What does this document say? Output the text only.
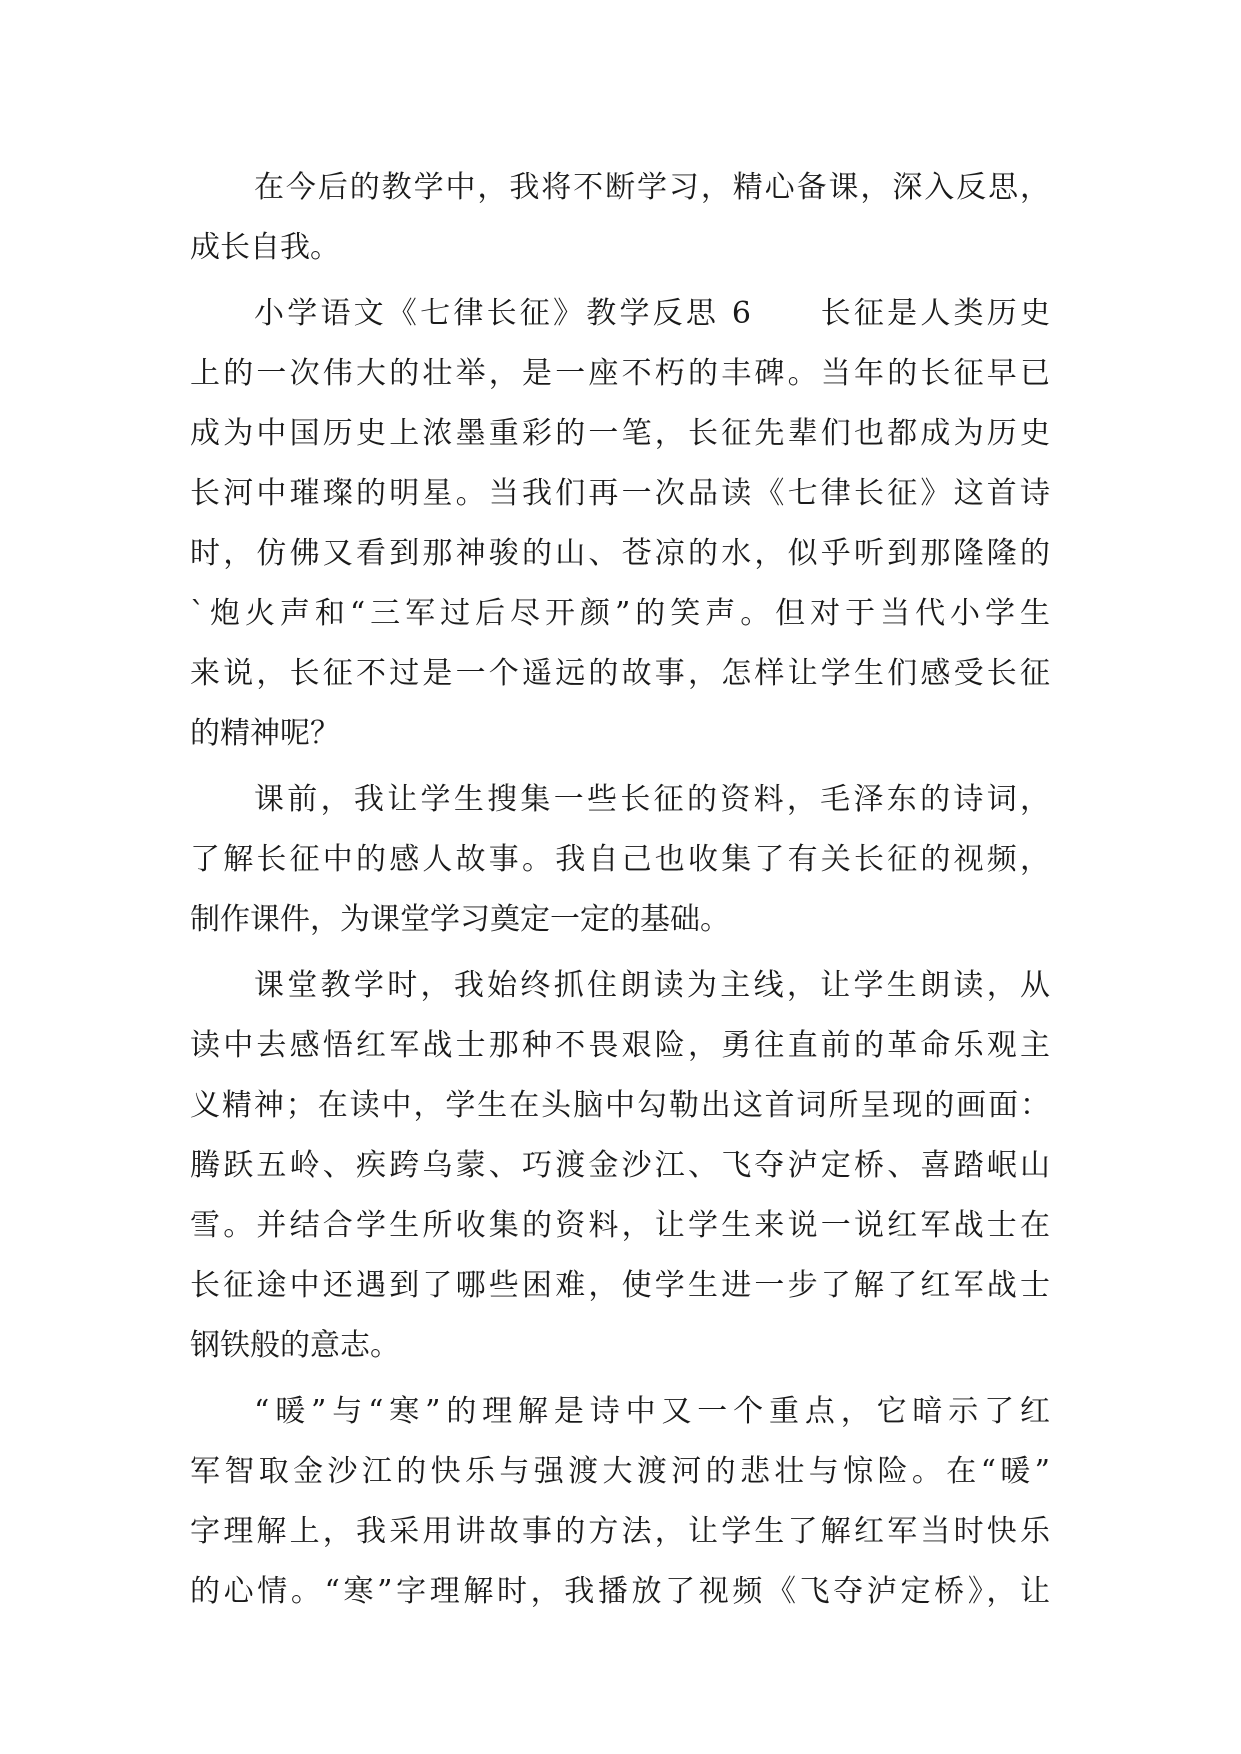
在今后的教学中，我将不断学习，精心备课，深入反思，
成长自我。
小学语文《七律长征》教学反思 6　　长征是人类历史
上的一次伟大的壮举，是一座不朽的丰碑。当年的长征早已
成为中国历史上浓墨重彩的一笔，长征先辈们也都成为历史
长河中璀璨的明星。当我们再一次品读《七律长征》这首诗
时，仿佛又看到那神骏的山、苍凉的水，似乎听到那隆隆的
`炮火声和“三军过后尽开颜”的笑声。但对于当代小学生
来说，长征不过是一个遥远的故事，怎样让学生们感受长征
的精神呢？
课前，我让学生搜集一些长征的资料，毛泽东的诗词，
了解长征中的感人故事。我自己也收集了有关长征的视频，
制作课件，为课堂学习奠定一定的基础。
课堂教学时，我始终抓住朗读为主线，让学生朗读，从
读中去感悟红军战士那种不畏艰险，勇往直前的革命乐观主
义精神；在读中，学生在头脑中勾勒出这首词所呈现的画面：
腾跃五岭、疾跨乌蒙、巧渡金沙江、飞夺泸定桥、喜踏岷山
雪。并结合学生所收集的资料，让学生来说一说红军战士在
长征途中还遇到了哪些困难，使学生进一步了解了红军战士
钢铁般的意志。
“暖”与“寒”的理解是诗中又一个重点，它暗示了红
军智取金沙江的快乐与强渡大渡河的悲壮与惊险。在“暖”
字理解上，我采用讲故事的方法，让学生了解红军当时快乐
的心情。“寒”字理解时，我播放了视频《飞夺泸定桥》，让
